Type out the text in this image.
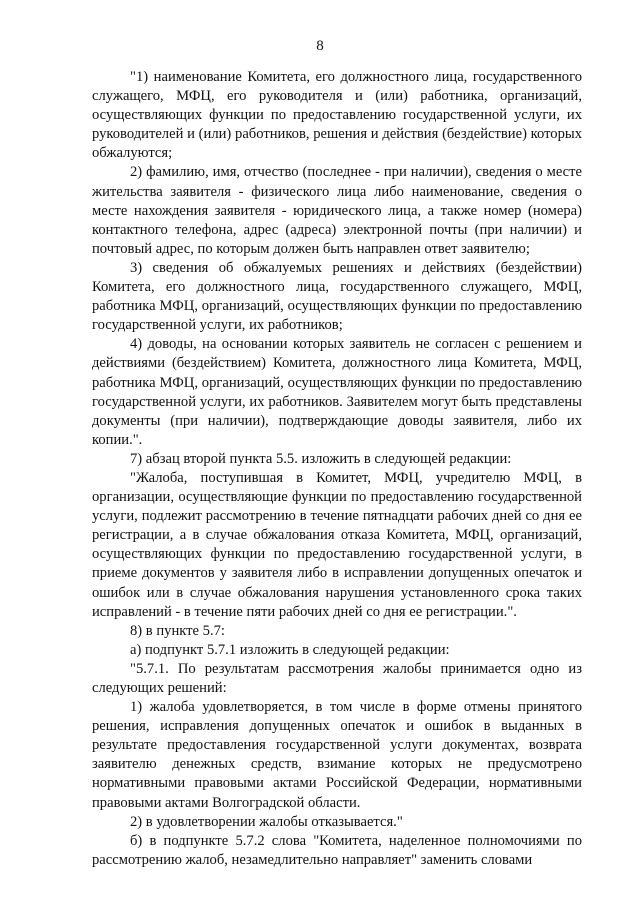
8

"1) наименование Комитета, его должностного лица, государственного служащего, МФЦ, его руководителя и (или) работника, организаций, осуществляющих функции по предоставлению государственной услуги, их руководителей и (или) работников, решения и действия (бездействие) которых обжалуются;

2) фамилию, имя, отчество (последнее - при наличии), сведения о месте жительства заявителя - физического лица либо наименование, сведения о месте нахождения заявителя - юридического лица, а также номер (номера) контактного телефона, адрес (адреса) электронной почты (при наличии) и почтовый адрес, по которым должен быть направлен ответ заявителю;

3) сведения об обжалуемых решениях и действиях (бездействии) Комитета, его должностного лица, государственного служащего, МФЦ, работника МФЦ, организаций, осуществляющих функции по предоставлению государственной услуги, их работников;

4) доводы, на основании которых заявитель не согласен с решением и действиями (бездействием) Комитета, должностного лица Комитета, МФЦ, работника МФЦ, организаций, осуществляющих функции по предоставлению государственной услуги, их работников. Заявителем могут быть представлены документы (при наличии), подтверждающие доводы заявителя, либо их копии.".

7) абзац второй пункта 5.5. изложить в следующей редакции:

"Жалоба, поступившая в Комитет, МФЦ, учредителю МФЦ, в организации, осуществляющие функции по предоставлению государственной услуги, подлежит рассмотрению в течение пятнадцати рабочих дней со дня ее регистрации, а в случае обжалования отказа Комитета, МФЦ, организаций, осуществляющих функции по предоставлению государственной услуги, в приеме документов у заявителя либо в исправлении допущенных опечаток и ошибок или в случае обжалования нарушения установленного срока таких исправлений - в течение пяти рабочих дней со дня ее регистрации.".

8) в пункте 5.7:

а) подпункт 5.7.1 изложить в следующей редакции:

"5.7.1. По результатам рассмотрения жалобы принимается одно из следующих решений:

1) жалоба удовлетворяется, в том числе в форме отмены принятого решения, исправления допущенных опечаток и ошибок в выданных в результате предоставления государственной услуги документах, возврата заявителю денежных средств, взимание которых не предусмотрено нормативными правовыми актами Российской Федерации, нормативными правовыми актами Волгоградской области.

2) в удовлетворении жалобы отказывается."

б) в подпункте 5.7.2 слова "Комитета, наделенное полномочиями по рассмотрению жалоб, незамедлительно направляет" заменить словами
